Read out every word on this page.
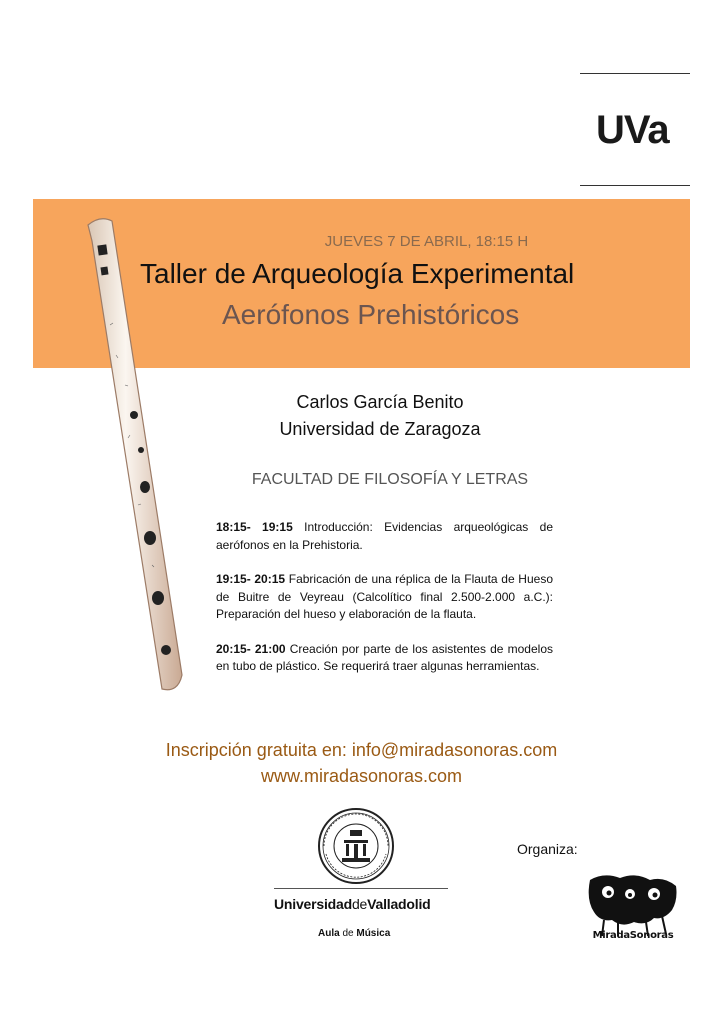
UVa
JUEVES 7 DE ABRIL, 18:15 H
Taller de Arqueología Experimental
Aerófonos Prehistóricos
Carlos García Benito
Universidad de Zaragoza
FACULTAD DE FILOSOFÍA Y LETRAS
18:15- 19:15 Introducción: Evidencias arqueológicas de aerófonos en la Prehistoria.
19:15- 20:15 Fabricación de una réplica de la Flauta de Hueso de Buitre de Veyreau (Calcolítico final 2.500-2.000 a.C.): Preparación del hueso y elaboración de la flauta.
20:15- 21:00 Creación por parte de los asistentes de modelos en tubo de plástico. Se requerirá traer algunas herramientas.
Inscripción gratuita en: info@miradasonoras.com
www.miradasonoras.com
UniversidaddeValladolid
Aula de Música
Organiza:
MiradaSonoras
